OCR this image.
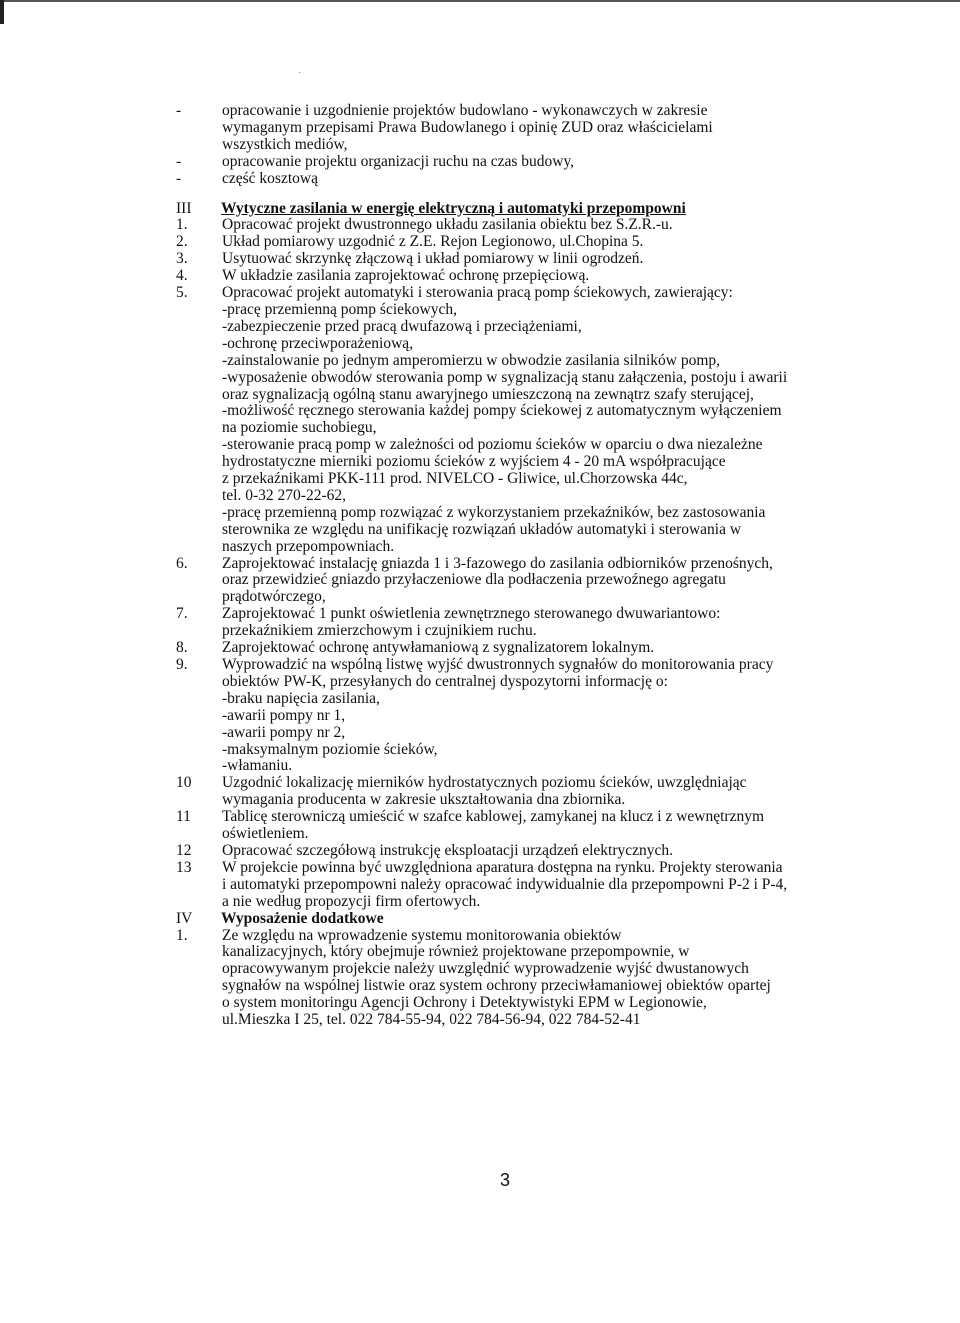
·
-	opracowanie i uzgodnienie projektów budowlano - wykonawczych w zakresie
wymaganym przepisami Prawa Budowlanego i opinię ZUD oraz właścicielami
wszystkich mediów,
-	opracowanie projektu organizacji ruchu na czas budowy,
-	część kosztową
III	Wytyczne zasilania w energię elektryczną i automatyki przepompowni
1.	Opracować projekt dwustronnego układu zasilania obiektu bez S.Z.R.-u.
2.	Układ pomiarowy uzgodnić z Z.E. Rejon Legionowo, ul.Chopina 5.
3.	Usytuować skrzynkę złączową i układ pomiarowy w linii ogrodzeń.
4.	W układzie zasilania zaprojektować ochronę przepięciową.
5.	Opracować projekt automatyki i sterowania pracą pomp ściekowych, zawierający:
-pracę przemienną pomp ściekowych,
-zabezpieczenie przed pracą dwufazową i przeciążeniami,
-ochronę przeciwporażeniową,
-zainstalowanie po jednym amperomierzu w obwodzie zasilania silników pomp,
-wyposażenie obwodów sterowania pomp w sygnalizacją stanu załączenia, postoju i awarii
oraz sygnalizacją ogólną stanu awaryjnego umieszczoną na zewnątrz szafy sterującej,
-możliwość ręcznego sterowania każdej pompy ściekowej z automatycznym wyłączeniem
na poziomie suchobiegu,
-sterowanie pracą pomp w zależności od poziomu ścieków w oparciu o dwa niezależne
hydrostatyczne mierniki poziomu ścieków z wyjściem 4 - 20 mA współpracujące
z przekaźnikami PKK-111 prod. NIVELCO - Gliwice, ul.Chorzowska 44c,
tel. 0-32 270-22-62,
-pracę przemienną pomp rozwiązać z wykorzystaniem przekaźników, bez zastosowania
sterownika ze względu na unifikację rozwiązań układów automatyki i sterowania w
naszych przepompowniach.
6.	Zaprojektować instalację gniazda 1 i 3-fazowego do zasilania odbiorników przenośnych,
oraz przewidzieć gniazdo przyłaczeniowe dla podłaczenia przewoźnego agregatu
prądotwórczego,
7.	Zaprojektować 1 punkt oświetlenia zewnętrznego sterowanego dwuwariantowo:
przekaźnikiem zmierzchowym i czujnikiem ruchu.
8.	Zaprojektować ochronę antywłamaniową z sygnalizatorem lokalnym.
9.	Wyprowadzić na wspólną listwę wyjść dwustronnych sygnałów do monitorowania pracy
obiektów PW-K, przesyłanych do centralnej dyspozytorni informację o:
-braku napięcia zasilania,
-awarii pompy nr 1,
-awarii pompy nr 2,
-maksymalnym poziomie ścieków,
-włamaniu.
10	Uzgodnić lokalizację mierników hydrostatycznych poziomu ścieków, uwzględniając
wymagania producenta w zakresie ukształtowania dna zbiornika.
11	Tablicę sterowniczą umieścić w szafce kablowej, zamykanej na klucz i z wewnętrznym
oświetleniem.
12	Opracować szczegółową instrukcję eksploatacji urządzeń elektrycznych.
13	W projekcie powinna być uwzględniona aparatura dostępna na rynku. Projekty sterowania
i automatyki przepompowni należy opracować indywidualnie dla przepompowni P-2 i P-4,
a nie według propozycji firm ofertowych.
IV	Wyposażenie dodatkowe
1.	Ze względu na wprowadzenie systemu monitorowania obiektów
kanalizacyjnych, który obejmuje również projektowane przepompownie, w
opracowywanym projekcie należy uwzględnić wyprowadzenie wyjść dwustanowych
sygnałów na wspólnej listwie oraz system ochrony przeciwłamaniowej obiektów opartej
o system monitoringu Agencji Ochrony i Detektywistyki EPM w Legionowie,
ul.Mieszka I 25, tel. 022 784-55-94, 022 784-56-94, 022 784-52-41
3
